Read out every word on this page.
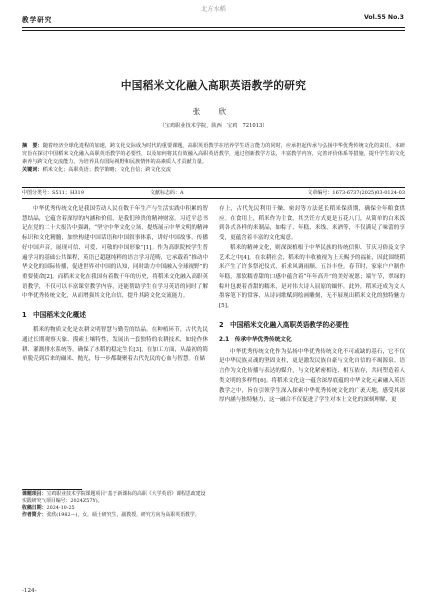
教学研究
北方水稻
Vol.55 No.3
中国稻米文化融入高职英语教学的研究
张 欣
（宝鸡职业技术学院，陕西　宝鸡　721013）

摘　要：随着经济全球化进程的加速，跨文化交际成为时代的重要课题。高职英语教学在培养学生语言能力的同时，应承担起传承与弘扬中华优秀传统文化的责任。本研究旨在探讨中国稻米文化融入高职英语教学的必要性，以及如何将其有效融入高职英语教学，通过创新教学方法，丰富教学内容，完善评价体系等措施，提升学生的文化素养与跨文化交流能力，为培养具有国际视野和民族情怀的高素质人才贡献力量。

关键词：稻米文化；高职英语；教学策略；文化自信；跨文化交流

中图分类号：S511；H319	文献标志码：A	文章编号：1673-6737(2025)03-0124-03

中华优秀传统文化是我国劳动人民在数千年生产与生活实践中积累的智慧结晶，它蕴含着深厚的内涵和价值，是我们珍贵的精神财富。习近平总书记在党的二十大报告中强调，“坚守中华文化立场，提炼展示中华文明的精神标识和文化精髓，加快构建中国话语和中国叙事体系，讲好中国故事、传播好中国声音，展现可信、可爱、可敬的中国形象”[1]。作为高职院校学生普遍学习的基础公共课程，英语已超越纯粹的语言学习范畴，它承载着“推动中华文化的国际传播，促进世界对中国的认知，同时助力中国融入全球视野”的重要使命[2]。而稻米文化在我国有着数千年的历史，将稻米文化融入高职英语教学，不仅可以丰富课堂教学内容，还能帮助学生在学习英语的同时了解中华优秀传统文化，从而增强其文化自信，提升其跨文化交流能力。

1　中国稻米文化概述

稻米的物质文化是农耕文明智慧与勤劳的结晶。在种植环节，古代先民通过长期观察天象、摸索土壤特性，发展出一套独特的农耕技术，如轮作休耕、灌溉排水系统等，确保了水稻的稳定生长[3]。在加工方面，从最初的简单脱壳到后来的碾米、抛光，每一步都凝聚着古代先民的心血与智慧。在储

课题项目：宝鸡职业技术学院课题项目“基于新课标的高职《大学英语》课程思政建设实践研究”(项目编号：2024Z57Y)。

收稿日期：2024-10-25

作者简介：张欣(1982—)，女，硕士研究生，副教授，研究方向为高职英语教学。

存上，古代先民利用干燥、密封等方法延长稻米保质期，确保全年粮食供应。在食用上，稻米作为主食，其烹饪方式更是五花八门，从简单的白米饭到各式各样的米制品，如粽子、年糕、米线、米酒等，不仅满足了味蕾的享受，更蕴含着丰富的文化寓意。

稻米的精神文化，则深深植根于中华民族的传统信仰、节庆习俗及文学艺术之中[4]。在农耕社会，稻米的丰收被视为上天赐予的福祉，因此围绕稻米产生了许多祭祀仪式，祈求风调雨顺、五谷丰登。春节时，家家户户制作年糕，那软糯香甜的口感中蕴含着“年年高升”的美好祝愿；端午节，翠绿的粽叶包裹着香甜的糯米，是对伟大诗人屈原的缅怀。此外，稻米还成为文人墨客笔下的常客，从诗词歌赋到绘画雕刻，无不展现出稻米文化的独特魅力[5]。

2　中国稻米文化融入高职英语教学的必要性

2.1　传承中华优秀传统文化

中华优秀传统文化作为弘扬中华优秀传统文化不可或缺的基石，它不仅是中华民族灵魂的坚固支柱，更是激发民族自豪与文化自信的不竭源泉。语言作为文化传播与表达的媒介，与文化紧密相连、相互依存，共同塑造着人类文明的多样性[6]。将稻米文化这一蕴含深厚底蕴的中华文化元素融入英语教学之中，旨在引领学生深入探索中华优秀传统文化的广袤天地，感受其深厚内涵与独特魅力，这一融合不仅促进了学生对本土文化的深刻理解，更

-124-
